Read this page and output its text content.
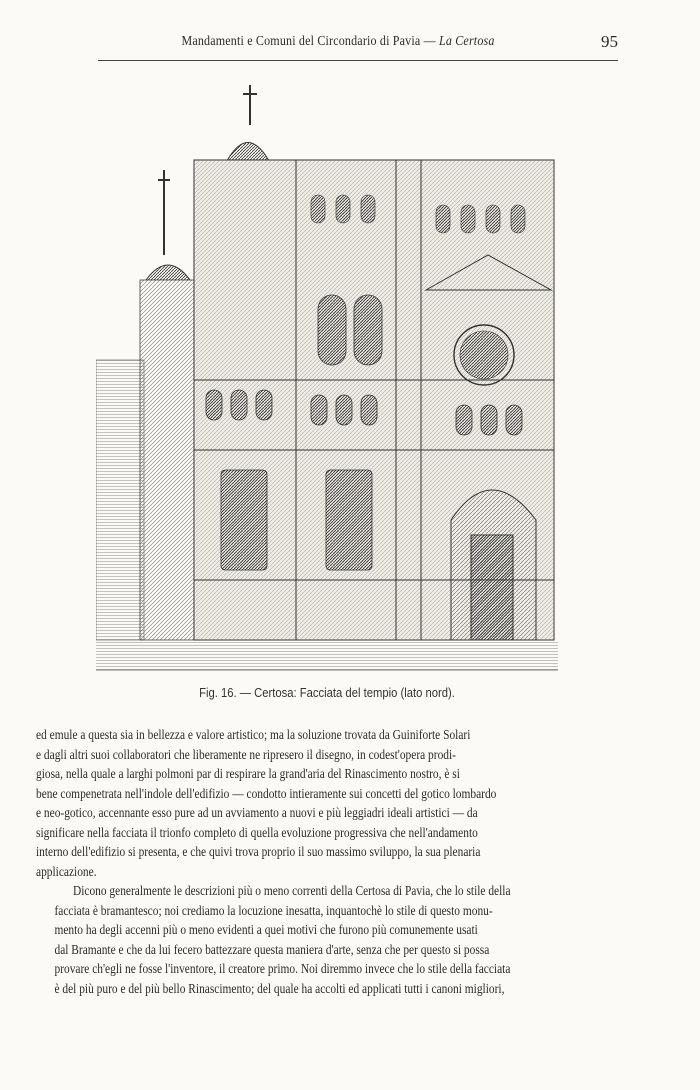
Mandamenti e Comuni del Circondario di Pavia — La Certosa	95
Fig. 16. — Certosa: Facciata del tempio (lato nord).

ed emule a questa sia in bellezza e valore artistico; ma la soluzione trovata da Guiniforte Solari
e dagli altri suoi collaboratori che liberamente ne ripresero il disegno, in codest'opera prodi-
giosa, nella quale a larghi polmoni par di respirare la grand'aria del Rinascimento nostro, è si
bene compenetrata nell'indole dell'edifizio — condotto intieramente sui concetti del gotico lombardo
e neo-gotico, accennante esso pure ad un avviamento a nuovi e più leggiadri ideali artistici — da
significare nella facciata il trionfo completo di quella evoluzione progressiva che nell'andamento
interno dell'edifizio si presenta, e che quivi trova proprio il suo massimo sviluppo, la sua plenaria
applicazione.

Dicono generalmente le descrizioni più o meno correnti della Certosa di Pavia, che lo stile della
facciata è bramantesco; noi crediamo la locuzione inesatta, inquantochè lo stile di questo monu-
mento ha degli accenni più o meno evidenti a quei motivi che furono più comunemente usati
dal Bramante e che da lui fecero battezzare questa maniera d'arte, senza che per questo si possa
provare ch'egli ne fosse l'inventore, il creatore primo. Noi diremmo invece che lo stile della facciata
è del più puro e del più bello Rinascimento; del quale ha accolti ed applicati tutti i canoni migliori,
